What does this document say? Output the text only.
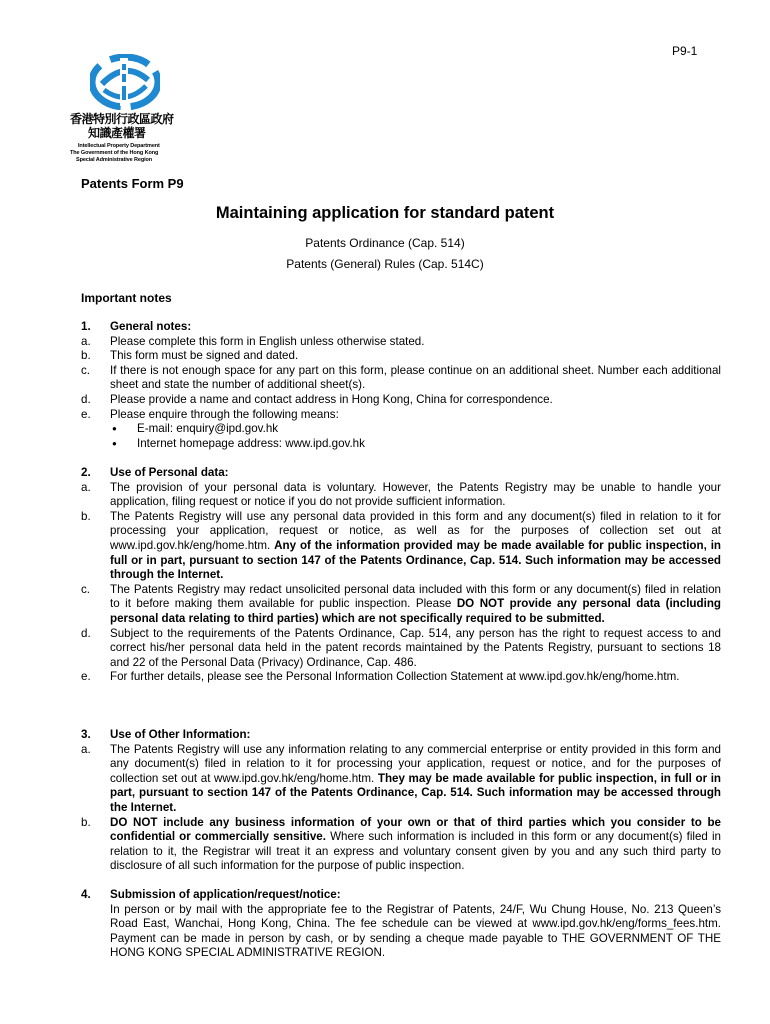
P9-1
香港特別行政區政府
知識產權署
Intellectual Property Department
The Government of the Hong Kong
Special Administrative Region
Patents Form P9
Maintaining application for standard patent
Patents Ordinance (Cap. 514)
Patents (General) Rules (Cap. 514C)
Important notes
1.	General notes:
a.	Please complete this form in English unless otherwise stated.
b.	This form must be signed and dated.
c.	If there is not enough space for any part on this form, please continue on an additional sheet. Number each additional sheet and state the number of additional sheet(s).
d.	Please provide a name and contact address in Hong Kong, China for correspondence.
e.	Please enquire through the following means:
●	E-mail: enquiry@ipd.gov.hk
●	Internet homepage address: www.ipd.gov.hk
2.	Use of Personal data:
a.	The provision of your personal data is voluntary. However, the Patents Registry may be unable to handle your application, filing request or notice if you do not provide sufficient information.
b.	The Patents Registry will use any personal data provided in this form and any document(s) filed in relation to it for processing your application, request or notice, as well as for the purposes of collection set out at www.ipd.gov.hk/eng/home.htm. Any of the information provided may be made available for public inspection, in full or in part, pursuant to section 147 of the Patents Ordinance, Cap. 514. Such information may be accessed through the Internet.
c.	The Patents Registry may redact unsolicited personal data included with this form or any document(s) filed in relation to it before making them available for public inspection. Please DO NOT provide any personal data (including personal data relating to third parties) which are not specifically required to be submitted.
d.	Subject to the requirements of the Patents Ordinance, Cap. 514, any person has the right to request access to and correct his/her personal data held in the patent records maintained by the Patents Registry, pursuant to sections 18 and 22 of the Personal Data (Privacy) Ordinance, Cap. 486.
e.	For further details, please see the Personal Information Collection Statement at www.ipd.gov.hk/eng/home.htm.
3.	Use of Other Information:
a.	The Patents Registry will use any information relating to any commercial enterprise or entity provided in this form and any document(s) filed in relation to it for processing your application, request or notice, and for the purposes of collection set out at www.ipd.gov.hk/eng/home.htm. They may be made available for public inspection, in full or in part, pursuant to section 147 of the Patents Ordinance, Cap. 514. Such information may be accessed through the Internet.
b.	DO NOT include any business information of your own or that of third parties which you consider to be confidential or commercially sensitive. Where such information is included in this form or any document(s) filed in relation to it, the Registrar will treat it an express and voluntary consent given by you and any such third party to disclosure of all such information for the purpose of public inspection.
4.	Submission of application/request/notice:
In person or by mail with the appropriate fee to the Registrar of Patents, 24/F, Wu Chung House, No. 213 Queen’s Road East, Wanchai, Hong Kong, China. The fee schedule can be viewed at www.ipd.gov.hk/eng/forms_fees.htm. Payment can be made in person by cash, or by sending a cheque made payable to THE GOVERNMENT OF THE HONG KONG SPECIAL ADMINISTRATIVE REGION.
